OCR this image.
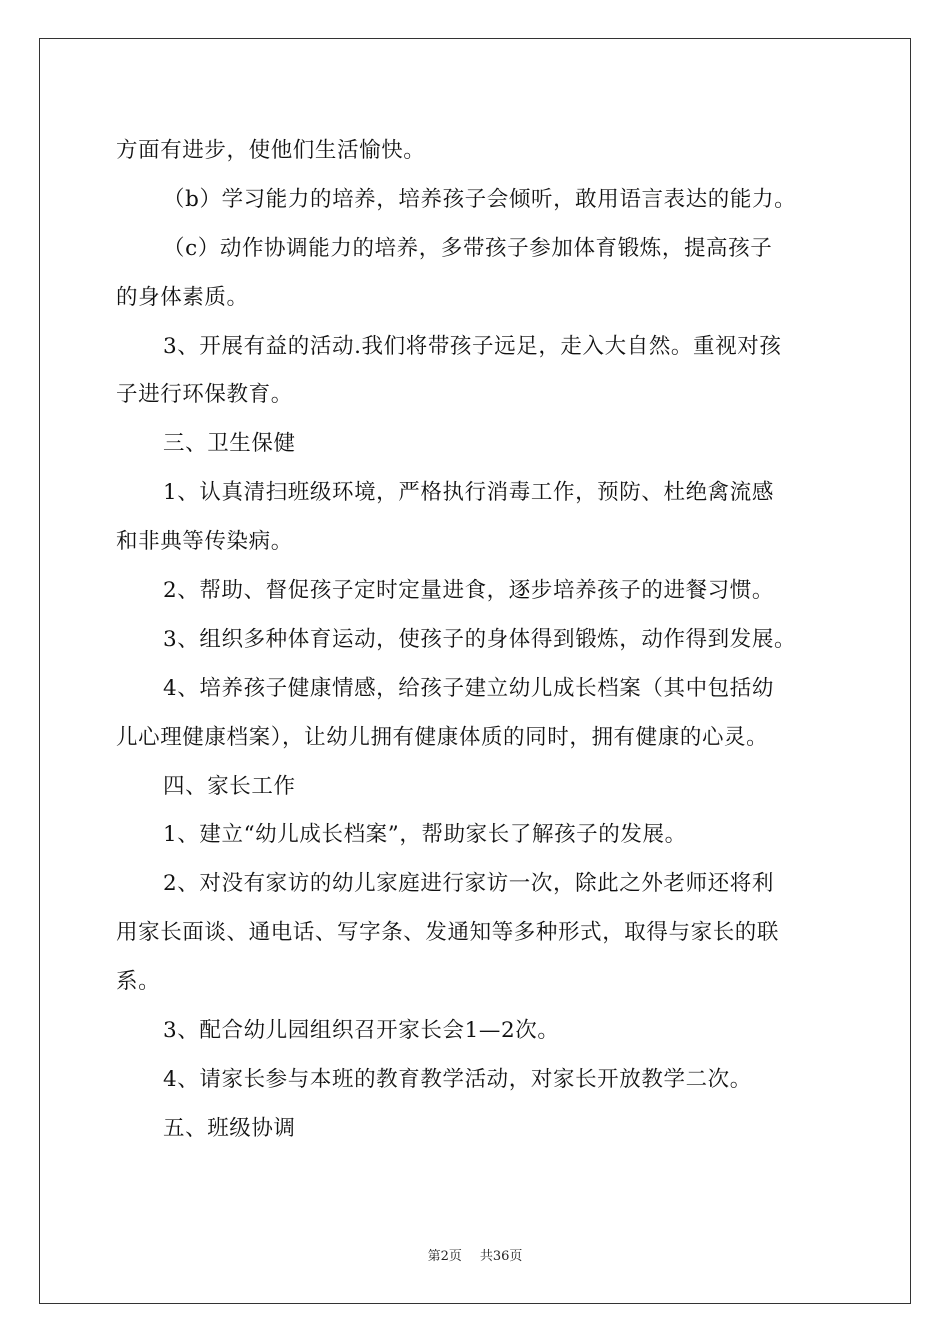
方面有进步，使他们生活愉快。
（b）学习能力的培养，培养孩子会倾听，敢用语言表达的能力。
（c）动作协调能力的培养，多带孩子参加体育锻炼，提高孩子
的身体素质。
3、开展有益的活动.我们将带孩子远足，走入大自然。重视对孩
子进行环保教育。
三、卫生保健
1、认真清扫班级环境，严格执行消毒工作，预防、杜绝禽流感
和非典等传染病。
2、帮助、督促孩子定时定量进食，逐步培养孩子的进餐习惯。
3、组织多种体育运动，使孩子的身体得到锻炼，动作得到发展。
4、培养孩子健康情感，给孩子建立幼儿成长档案（其中包括幼
儿心理健康档案），让幼儿拥有健康体质的同时，拥有健康的心灵。
四、家长工作
1、建立“幼儿成长档案”，帮助家长了解孩子的发展。
2、对没有家访的幼儿家庭进行家访一次，除此之外老师还将利
用家长面谈、通电话、写字条、发通知等多种形式，取得与家长的联
系。
3、配合幼儿园组织召开家长会1—2次。
4、请家长参与本班的教育教学活动，对家长开放教学二次。
五、班级协调
第2页 共36页
